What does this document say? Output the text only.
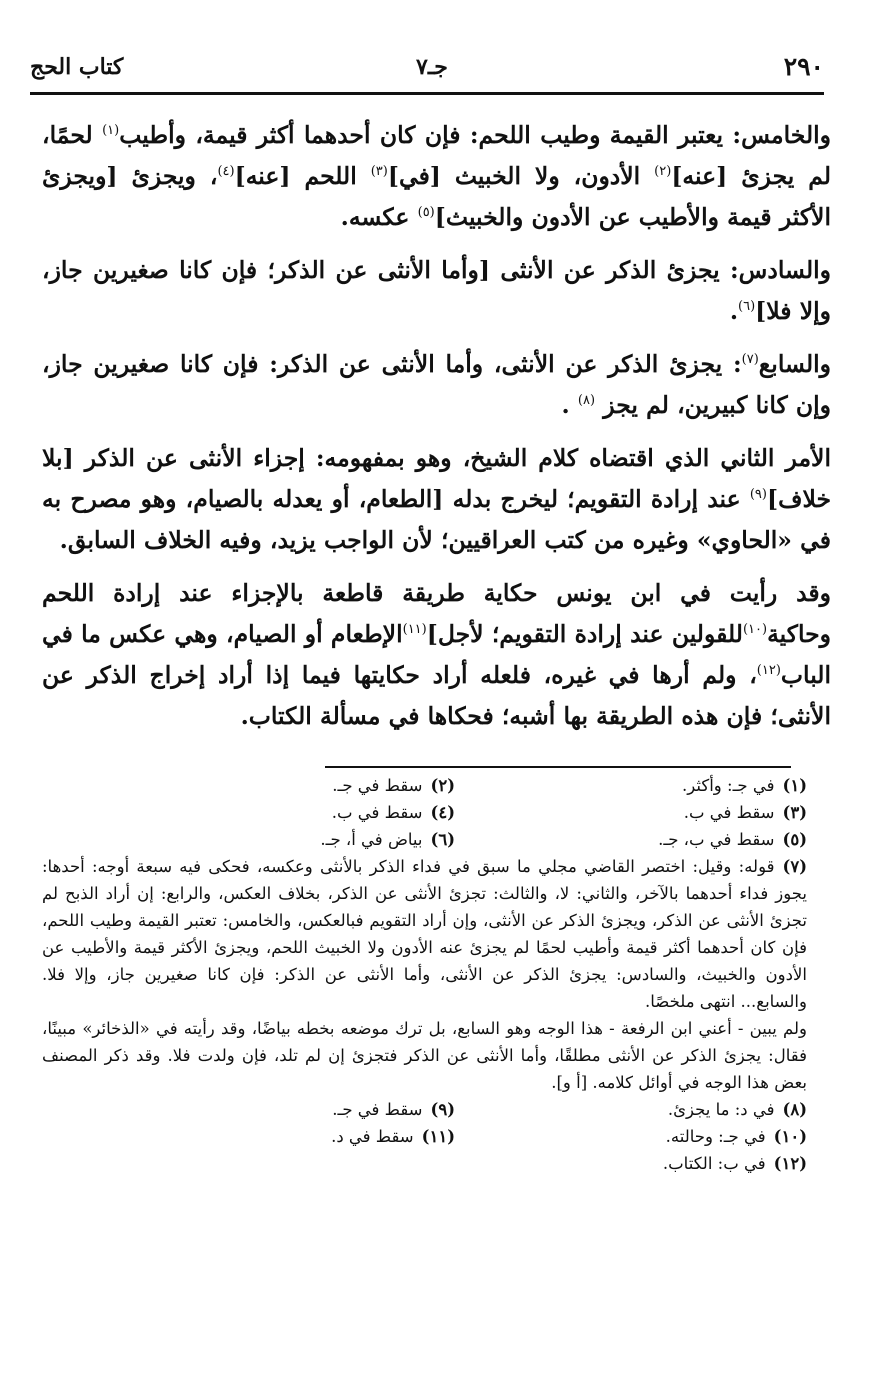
٢٩٠
جـ٧
كتاب الحج

والخامس: يعتبر القيمة وطيب اللحم: فإن كان أحدهما أكثر قيمة، وأطيب$^{(١)}$ لحمًا، لم يجزئ [عنه]$^{(٢)}$ الأدون، ولا الخبيث [في]$^{(٣)}$ اللحم [عنه]$^{(٤)}$، ويجزئ [ويجزئ الأكثر قيمة والأطيب عن الأدون والخبيث]$^{(٥)}$ عكسه.

والسادس: يجزئ الذكر عن الأنثى [وأما الأنثى عن الذكر؛ فإن كانا صغيرين جاز، وإلا فلا]$^{(٦)}$.

والسابع$^{(٧)}$: يجزئ الذكر عن الأنثى، وأما الأنثى عن الذكر: فإن كانا صغيرين جاز، وإن كانا كبيرين، لم يجز $^{(٨)}$ .

الأمر الثاني الذي اقتضاه كلام الشيخ، وهو بمفهومه: إجزاء الأنثى عن الذكر [بلا خلاف]$^{(٩)}$ عند إرادة التقويم؛ ليخرج بدله [الطعام، أو يعدله بالصيام، وهو مصرح به في «الحاوي» وغيره من كتب العراقيين؛ لأن الواجب يزيد، وفيه الخلاف السابق.

وقد رأيت في ابن يونس حكاية طريقة قاطعة بالإجزاء عند إرادة اللحم وحاكية$^{(١٠)}$للقولين عند إرادة التقويم؛ لأجل]$^{(١١)}$الإطعام أو الصيام، وهي عكس ما في الباب$^{(١٢)}$، ولم أرها في غيره، فلعله أراد حكايتها فيما إذا أراد إخراج الذكر عن الأنثى؛ فإن هذه الطريقة بها أشبه؛ فحكاها في مسألة الكتاب.

(١)في جـ: وأكثر.
(٢)سقط في جـ.
(٣)سقط في ب.
(٤)سقط في ب.
(٥)سقط في ب، جـ.
(٦)بياض في أ، جـ.

(٧)قوله: وقيل: اختصر القاضي مجلي ما سبق في فداء الذكر بالأنثى وعكسه، فحكى فيه سبعة أوجه: أحدها: يجوز فداء أحدهما بالآخر، والثاني: لا، والثالث: تجزئ الأنثى عن الذكر، بخلاف العكس، والرابع: إن أراد الذبح لم تجزئ الأنثى عن الذكر، ويجزئ الذكر عن الأنثى، وإن أراد التقويم فبالعكس، والخامس: تعتبر القيمة وطيب اللحم، فإن كان أحدهما أكثر قيمة وأطيب لحمًا لم يجزئ عنه الأدون ولا الخبيث اللحم، ويجزئ الأكثر قيمة والأطيب عن الأدون والخبيث، والسادس: يجزئ الذكر عن الأنثى، وأما الأنثى عن الذكر: فإن كانا صغيرين جاز، وإلا فلا. والسابع... انتهى ملخصًا.

ولم يبين - أعني ابن الرفعة - هذا الوجه وهو السابع، بل ترك موضعه بخطه بياضًا، وقد رأيته في «الذخائر» مبينًا، فقال: يجزئ الذكر عن الأنثى مطلقًا، وأما الأنثى عن الذكر فتجزئ إن لم تلد، فإن ولدت فلا. وقد ذكر المصنف بعض هذا الوجه في أوائل كلامه. [أ و].

(٨)في د: ما يجزئ.
(٩)سقط في جـ.
(١٠)في جـ: وحالته.
(١١)سقط في د.
(١٢)في ب: الكتاب.
